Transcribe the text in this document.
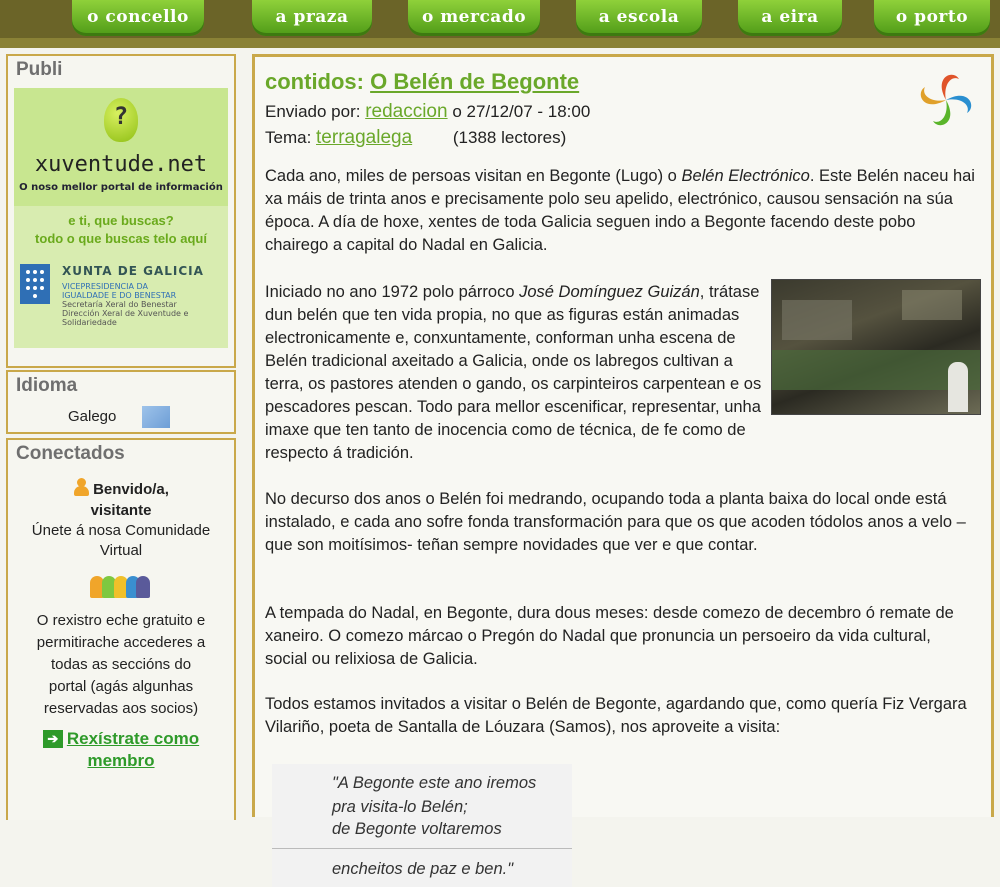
o concello	a praza	o mercado	a escola	a eira	o porto
Publi
?
xuventude.net
O noso mellor portal de información
e ti, que buscas?
todo o que buscas telo aquí
XUNTA DE GALICIA
VICEPRESIDENCIA DA
IGUALDADE E DO BENESTAR
Secretaría Xeral do Benestar
Dirección Xeral de Xuventude e
Solidariedade
Idioma
Galego
Conectados
Benvido/a,
visitante
Únete á nosa Comunidade
Virtual
O rexistro eche gratuito e
permitirache accederes a
todas as seccións do
portal (agás algunhas
reservadas aos socios)
➔ Rexístrate como
membro
contidos: O Belén de Begonte
Enviado por: redaccion o 27/12/07 - 18:00
Tema: terragalega (1388 lectores)

Cada ano, miles de persoas visitan en Begonte (Lugo) o Belén Electrónico. Este Belén naceu hai xa máis de trinta anos e precisamente polo seu apelido, electrónico, causou sensación na súa época. A día de hoxe, xentes de toda Galicia seguen indo a Begonte facendo deste pobo chairego a capital do Nadal en Galicia.

Iniciado no ano 1972 polo párroco José Domínguez Guizán, trátase dun belén que ten vida propia, no que as figuras están animadas electronicamente e, conxuntamente, conforman unha escena de Belén tradicional axeitado a Galicia, onde os labregos cultivan a terra, os pastores atenden o gando, os carpinteiros carpentean e os pescadores pescan. Todo para mellor escenificar, representar, unha imaxe que ten tanto de inocencia como de técnica, de fe como de respecto á tradición.

No decurso dos anos o Belén foi medrando, ocupando toda a planta baixa do local onde está instalado, e cada ano sofre fonda transformación para que os que acoden tódolos anos a velo –que son moitísimos- teñan sempre novidades que ver e que contar.

A tempada do Nadal, en Begonte, dura dous meses: desde comezo de decembro ó remate de xaneiro. O comezo márcao o Pregón do Nadal que pronuncia un persoeiro da vida cultural, social ou relixiosa de Galicia.

Todos estamos invitados a visitar o Belén de Begonte, agardando que, como quería Fiz Vergara Vilariño, poeta de Santalla de Lóuzara (Samos), nos aproveite a visita:

"A Begonte este ano iremos
pra visita-lo Belén;
de Begonte voltaremos
encheitos de paz e ben."
